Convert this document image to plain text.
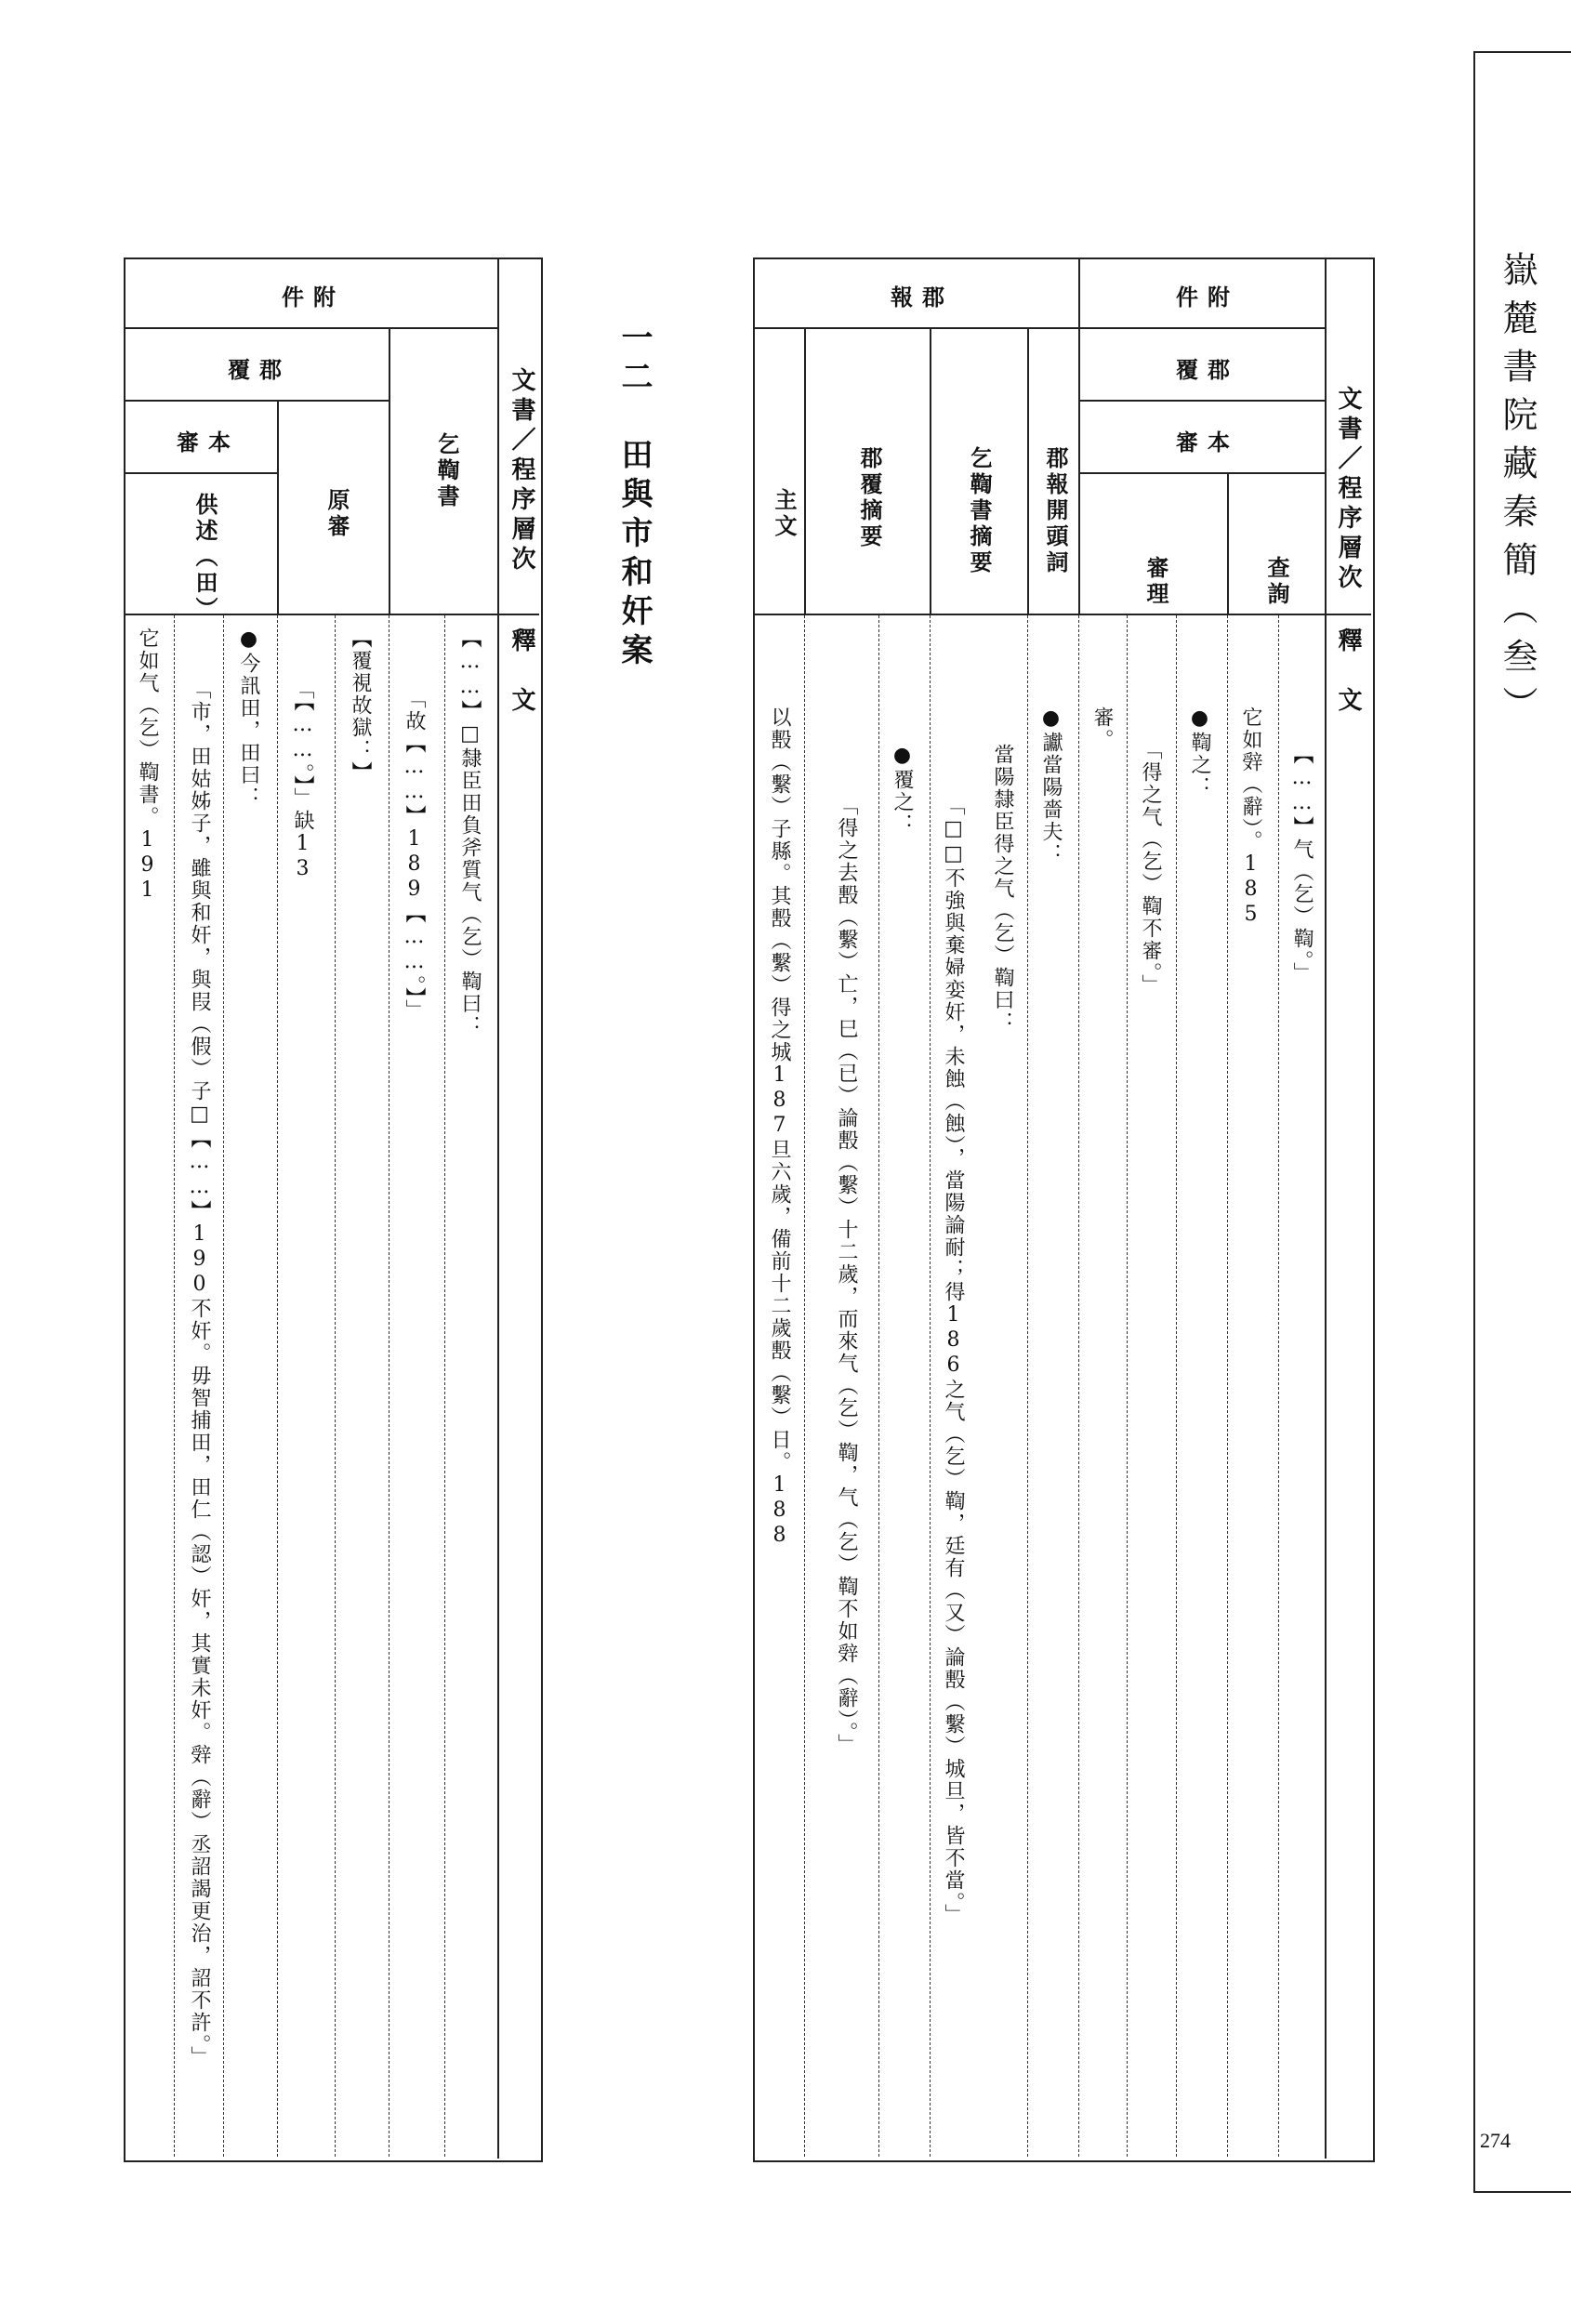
嶽麓書院藏秦簡（叁）
274
文書／程序層次
釋　文
件附
覆郡
審本
查詢
審理
報郡
郡報開頭詞
乞鞫書摘要
郡覆摘要
主文
【……】气（乞）鞫。」
它如辤（辭）。185
●鞫之：
「得之气（乞）鞫不審。」
審。
●讞當陽嗇夫：
當陽隸臣得之气（乞）鞫曰：
「□□不強與棄婦娈奸，未蝕（蝕），當陽論耐；得186之气（乞）鞫，廷有（又）論毄（繫）城旦，皆不當。」
●覆之：
「得之去毄（繫）亡，巳（已）論毄（繫）十二歲，而來气（乞）鞫，气（乞）鞫不如辤（辭）。」
以毄（繫）子縣。其毄（繫）得之城187旦六歲，備前十二歲毄（繫）日。188
文書／程序層次
釋　文
件附
覆郡
審本	乞鞫書
原審
供述（田）
【……】□隸臣田負斧質气（乞）鞫曰：
「故【……】189【……。】」
【覆視故獄：】
「【……。】」缺13
●今訊田，田曰：
「市，田姑姊子，雖與和奸，與叚（假）子□【……】190不奸。毋智捕田，田仁（認）奸，其實未奸。辤（辭）丞詔謁更治，詔不許。」
它如气（乞）鞫書。191
一二　田與市和奸案
